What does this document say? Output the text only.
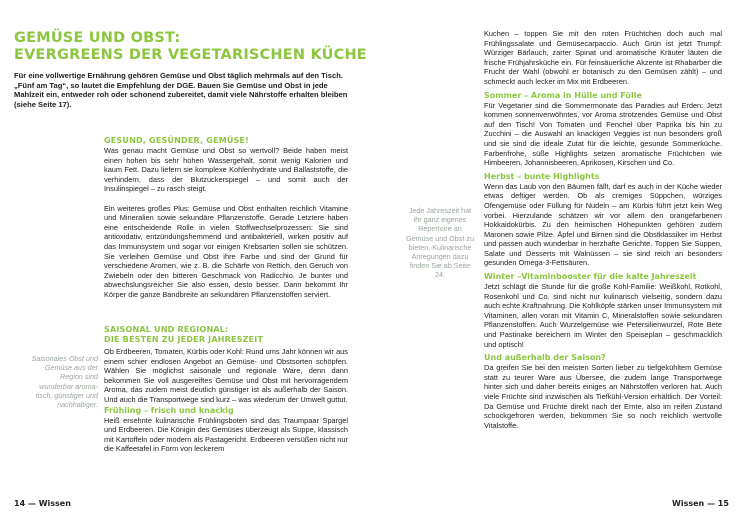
GEMÜSE UND OBST:
EVERGREENS DER VEGETARISCHEN KÜCHE
Für eine vollwertige Ernährung gehören Gemüse und Obst täglich mehrmals auf den Tisch. „Fünf am Tag“, so lautet die Empfehlung der DGE. Bauen Sie Gemüse und Obst in jede Mahlzeit ein, entweder roh oder schonend zubereitet, damit viele Nährstoffe erhalten bleiben (siehe Seite 17).
GESUND, GESÜNDER, GEMÜSE!
Was genau macht Gemüse und Obst so wertvoll? Beide haben meist einen hohen bis sehr hohen Wassergehalt, somit wenig Kalorien und kaum Fett. Dazu liefern sie komplexe Kohlenhydrate und Ballaststoffe, die verhindern, dass der Blutzuckerspiegel – und somit auch der Insulinspiegel – zu rasch steigt.
Ein weiteres großes Plus: Gemüse und Obst enthalten reichlich Vitamine und Mineralien sowie sekundäre Pflanzenstoffe. Gerade Letztere haben eine entscheidende Rolle in vielen Stoffwechselprozessen: Sie sind antioxidativ, entzündungshemmend und antibakteriell, wirken positiv auf das Immunsystem und sogar vor einigen Krebsarten sollen sie schützen. Sie verleihen Gemüse und Obst ihre Farbe und sind der Grund für verschiedene Aromen, wie z. B. die Schärfe von Rettich, den Geruch von Zwiebeln oder den bitteren Geschmack von Radicchio. Je bunter und abwechslungsreicher Sie also essen, desto besser. Dann bekommt Ihr Körper die ganze Bandbreite an sekundären Pflanzenstoffen serviert.
SAISONAL UND REGIONAL:
DIE BESTEN ZU JEDER JAHRESZEIT
Ob Erdbeeren, Tomaten, Kürbis oder Kohl: Rund ums Jahr können wir aus einem schier endlosen Angebot an Gemüse- und Obstsorten schöpfen. Wählen Sie möglichst saisonale und regionale Ware, denn dann bekommen Sie voll ausgereiftes Gemüse und Obst mit hervorragendem Aroma, das zudem meist deutlich günstiger ist als außerhalb der Saison. Und auch die Transportwege sind kurz – was wiederum der Umwelt guttut.
Frühling – frisch und knackig
Heiß ersehnte kulinarische Frühlingsboten sind das Traumpaar Spargel und Erdbeeren. Die Königin des Gemüses überzeugt als Suppe, klassisch mit Kartoffeln oder modern als Pastagericht. Erdbeeren versüßen nicht nur die Kaffeetafel in Form von leckerem
Saisonales Obst und Gemüse aus der Region sind wunderbar aroma-tisch, günstiger und nachhaltiger.
14 — Wissen
Kuchen – toppen Sie mit den roten Früchtchen doch auch mal Frühlingssalate und Gemüsecarpaccio. Auch Grün ist jetzt Trumpf: Würziger Bärlauch, zarter Spinat und aromatische Kräuter läuten die frische Frühjahrsküche ein. Für feinsäuerliche Akzente ist Rhabarber die Frucht der Wahl (obwohl er botanisch zu den Gemüsen zählt) – und schmeckt auch lecker im Mix mit Erdbeeren.
Sommer – Aroma in Hülle und Fülle
Für Vegetarier sind die Sommermonate das Paradies auf Erden: Jetzt kommen sonnenverwöhntes, vor Aroma strotzendes Gemüse und Obst auf den Tisch! Von Tomaten und Fenchel über Paprika bis hin zu Zucchini – die Auswahl an knackigen Veggies ist nun besonders groß und sie sind die ideale Zutat für die leichte, gesunde Sommerküche. Farbenfrohe, süße Highlights setzen aromatische Früchtchen wie Himbeeren, Johannisbeeren, Aprikosen, Kirschen und Co.
Herbst – bunte Highlights
Wenn das Laub von den Bäumen fällt, darf es auch in der Küche wieder etwas deftiger werden. Ob als cremiges Süppchen, würziges Ofengemüse oder Füllung für Nudeln – am Kürbis führt jetzt kein Weg vorbei. Hierzulande schätzen wir vor allem den orangefarbenen Hokkaidokürbis. Zu den heimischen Höhepunkten gehören zudem Maronen sowie Pilze. Äpfel und Birnen sind die Obstklassiker im Herbst und passen auch wunderbar in herzhafte Gerichte. Toppen Sie Suppen, Salate und Desserts mit Walnüssen – sie sind reich an besonders gesunden Omega-3-Fettsäuren.
Winter –Vitaminbooster für die kalte Jahreszeit
Jetzt schlägt die Stunde für die große Kohl-Familie: Weißkohl, Rotkohl, Rosenkohl und Co. sind nicht nur kulinarisch vielseitig, sondern dazu auch echte Kraftnahrung. Die Kohlköpfe stärken unser Immunsystem mit Vitaminen, allen voran mit Vitamin C, Mineralstoffen sowie sekundären Pflanzenstoffen. Auch Wurzelgemüse wie Petersilienwurzel, Rote Bete und Pastinake bereichern im Winter den Speiseplan – geschmacklich und optisch!
Und außerhalb der Saison?
Da greifen Sie bei den meisten Sorten lieber zu tiefgekühltem Gemüse statt zu teurer Ware aus Übersee, die zudem lange Transportwege hinter sich und daher bereits einiges an Nährstoffen verloren hat. Auch viele Früchte sind inzwischen als Tiefkühl-Version erhältlich. Der Vorteil: Da Gemüse und Früchte direkt nach der Ernte, also im reifen Zustand schockgefroren werden, bekommen Sie so noch reichlich wertvolle Vitalstoffe.
Jede Jahreszeit hat ihr ganz eigenes Repertoire an Gemüse und Obst zu bieten. Kulinarische Anregungen dazu finden Sie ab Seite 24.
Wissen — 15
